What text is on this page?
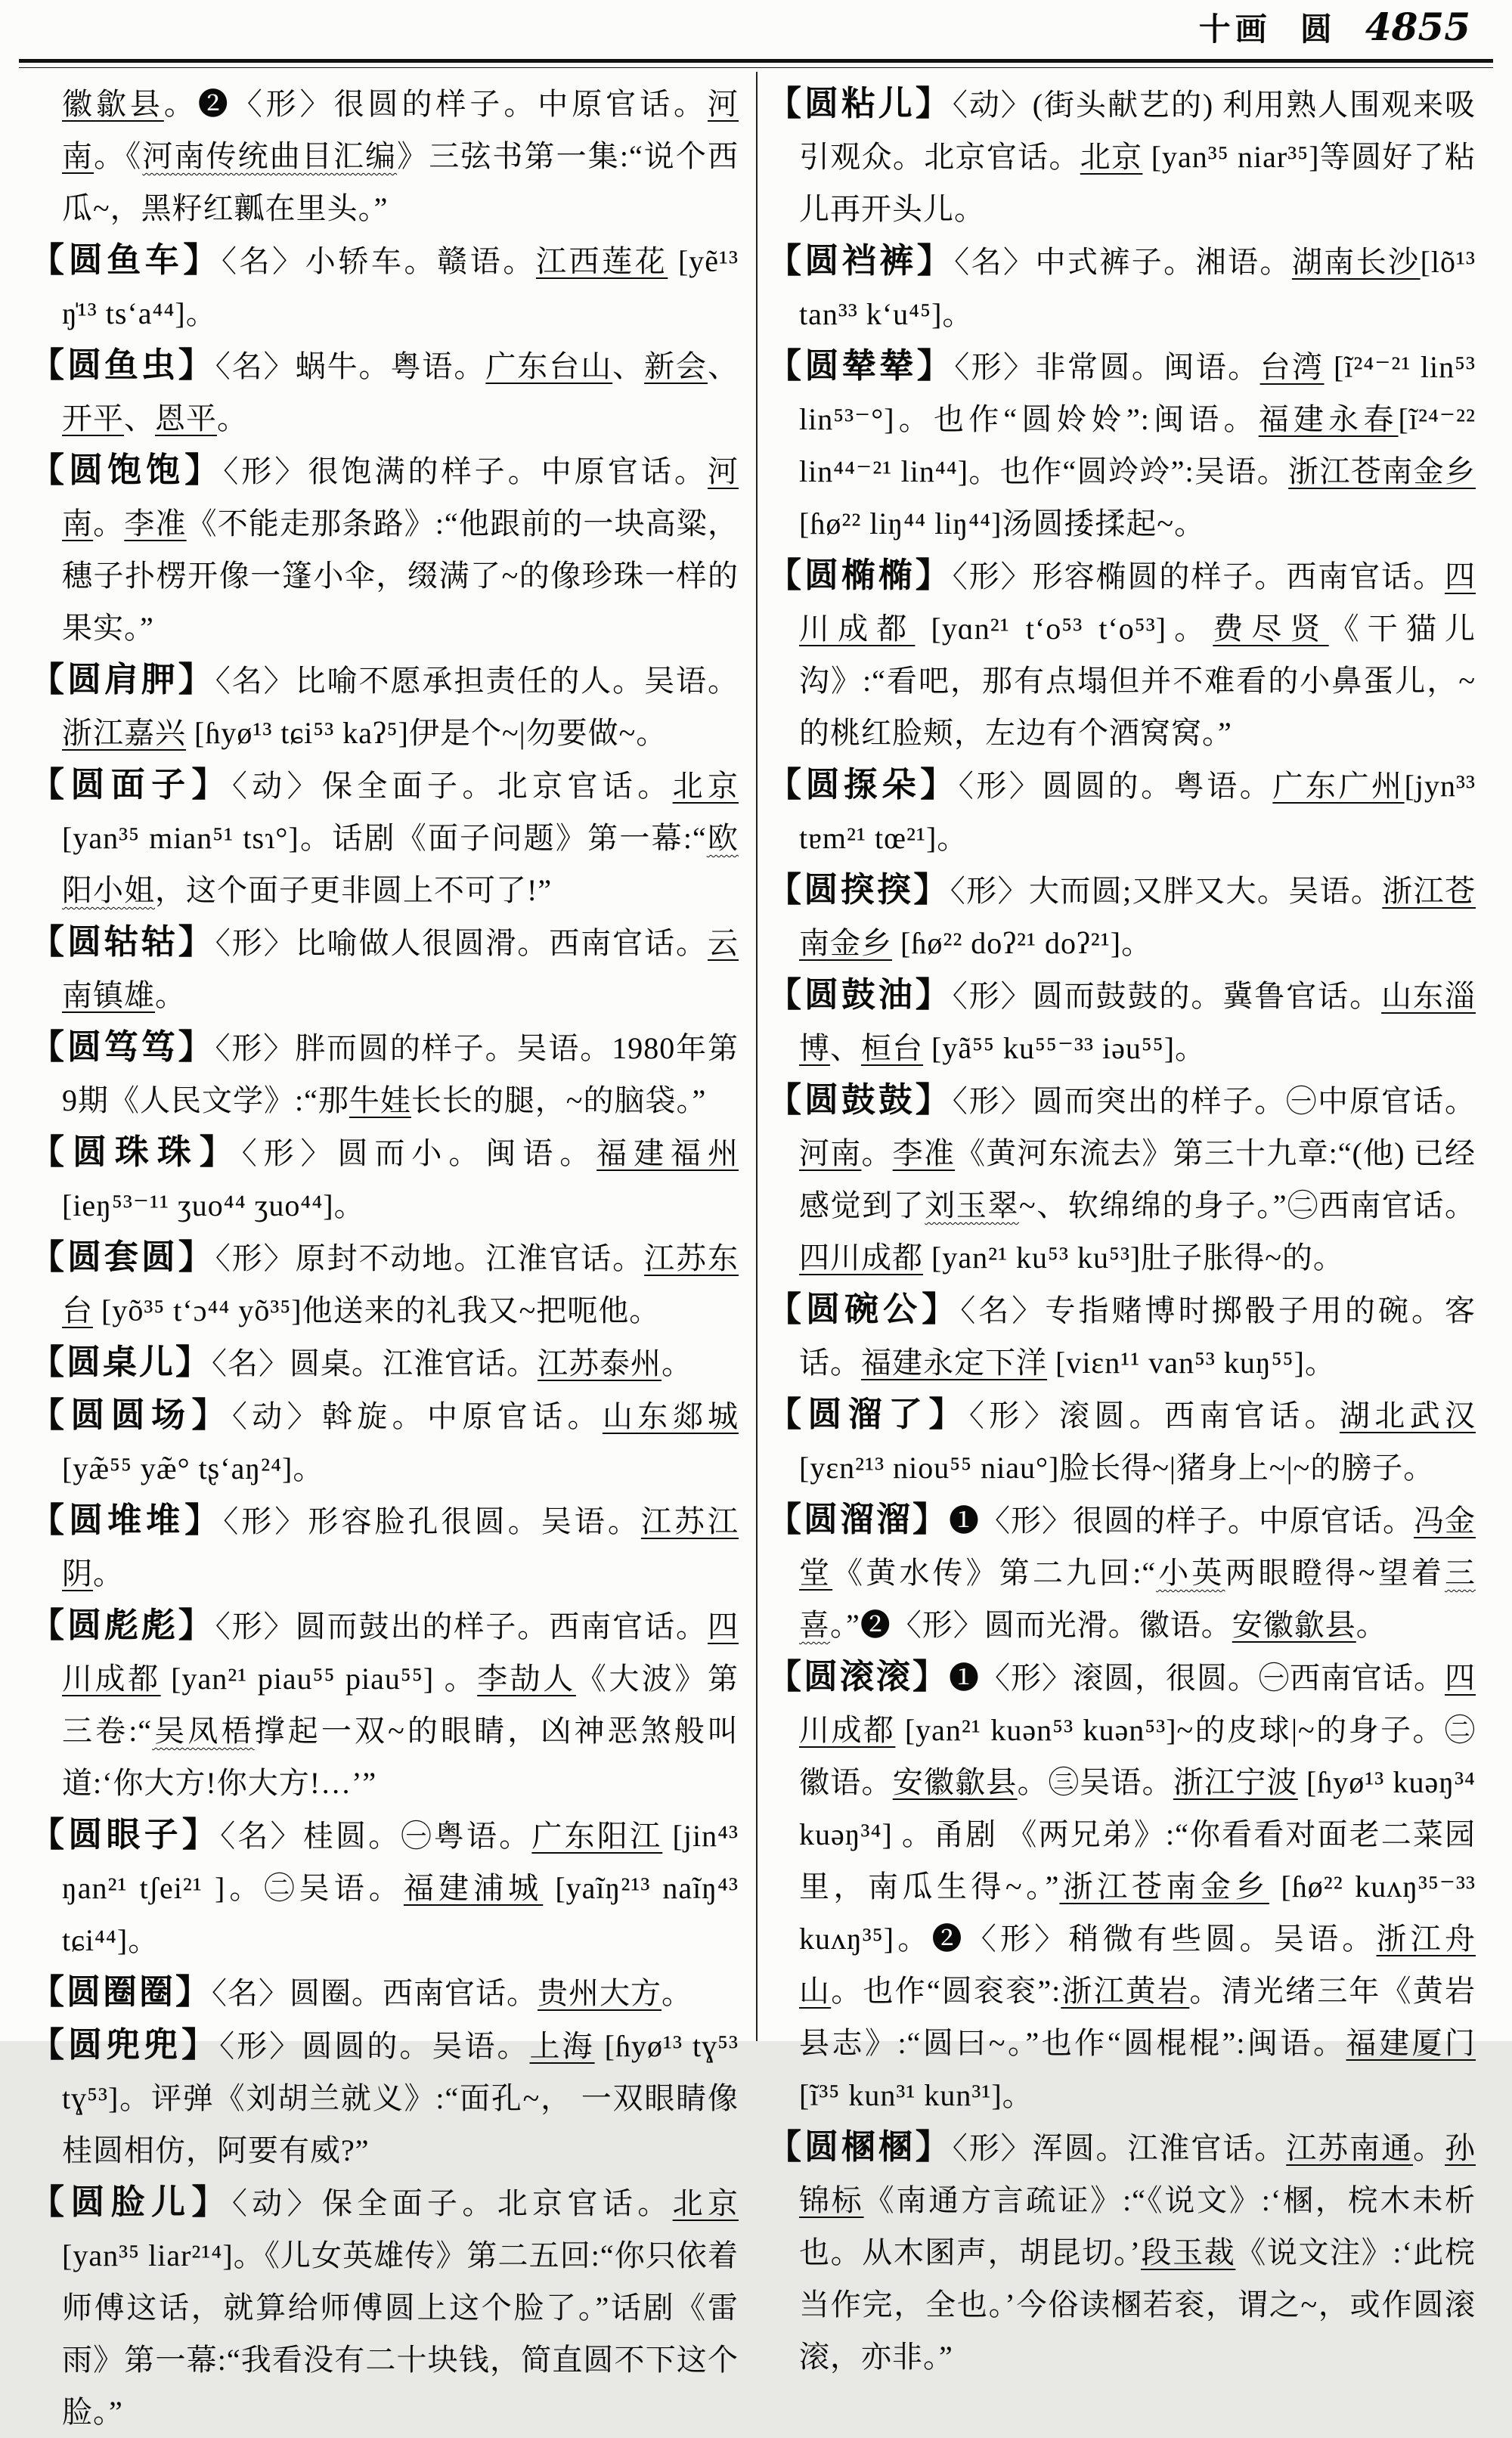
十画 圆 4855

徽歙县。❷〈形〉很圆的样子。中原官话。河南。《河南传统曲目汇编》三弦书第一集:“说个西瓜~，黑籽红瓤在里头。”

【圆鱼车】〈名〉小轿车。赣语。江西莲花 [yẽ¹³ ŋ̍¹³ ts‘a⁴⁴]。

【圆鱼虫】〈名〉蜗牛。粤语。广东台山、新会、开平、恩平。

【圆饱饱】〈形〉很饱满的样子。中原官话。河南。李准《不能走那条路》:“他跟前的一块高粱， 穗子扑楞开像一篷小伞，缀满了~的像珍珠一样的果实。”

【圆肩胛】〈名〉比喻不愿承担责任的人。吴语。浙江嘉兴 [ɦyø¹³ tɕi⁵³ kaʔ⁵]伊是个~|勿要做~。

【圆面子】〈动〉保全面子。北京官话。北京 [yan³⁵ mian⁵¹ tsɿ°]。话剧《面子问题》第一幕:“欧阳小姐，这个面子更非圆上不可了!”

【圆轱轱】〈形〉比喻做人很圆滑。西南官话。云南镇雄。

【圆笃笃】〈形〉胖而圆的样子。吴语。1980年第9期《人民文学》:“那牛娃长长的腿，~的脑袋。”

【圆珠珠】〈形〉圆而小。闽语。福建福州 [ieŋ⁵³⁻¹¹ ʒuo⁴⁴ ʒuo⁴⁴]。

【圆套圆】〈形〉原封不动地。江淮官话。江苏东台 [yõ³⁵ t‘ɔ⁴⁴ yõ³⁵]他送来的礼我又~把呃他。

【圆桌儿】〈名〉圆桌。江淮官话。江苏泰州。

【圆圆场】〈动〉斡旋。中原官话。山东郯城 [yæ̃⁵⁵ yæ̃° tʂ‘aŋ²⁴]。

【圆堆堆】〈形〉形容脸孔很圆。吴语。江苏江阴。

【圆彪彪】〈形〉圆而鼓出的样子。西南官话。四川成都 [yan²¹ piau⁵⁵ piau⁵⁵] 。李劼人《大波》第三卷:“吴凤梧撑起一双~的眼睛，凶神恶煞般叫道:‘你大方!你大方!…’”

【圆眼子】〈名〉桂圆。㊀粤语。广东阳江 [jin⁴³ ŋan²¹ tʃei²¹ ]。㊁吴语。福建浦城 [yaĩŋ²¹³ naĩŋ⁴³ tɕi⁴⁴]。

【圆圈圈】〈名〉圆圈。西南官话。贵州大方。

【圆兜兜】〈形〉圆圆的。吴语。上海 [ɦyø¹³ tɣ⁵³ tɣ⁵³]。评弹《刘胡兰就义》:“面孔~， 一双眼睛像桂圆相仿，阿要有威?”

【圆脸儿】〈动〉保全面子。北京官话。北京 [yan³⁵ liar²¹⁴]。《儿女英雄传》第二五回:“你只依着师傅这话，就算给师傅圆上这个脸了。”话剧《雷雨》第一幕:“我看没有二十块钱，简直圆不下这个脸。”

【圆粘儿】〈动〉(街头献艺的) 利用熟人围观来吸引观众。北京官话。北京 [yan³⁵ niar³⁵]等圆好了粘儿再开头儿。

【圆裆裤】〈名〉中式裤子。湘语。湖南长沙[lõ¹³ tan³³ k‘u⁴⁵]。

【圆辇辇】〈形〉非常圆。闽语。台湾 [ĩ²⁴⁻²¹ lin⁵³ lin⁵³⁻°]。也作“圆姈姈”:闽语。福建永春[ĩ²⁴⁻²² lin⁴⁴⁻²¹ lin⁴⁴]。也作“圆竛竛”:吴语。浙江苍南金乡 [ɦø²² liŋ⁴⁴ liŋ⁴⁴]汤圆捼揉起~。

【圆椭椭】〈形〉形容椭圆的样子。西南官话。四川成都 [yɑn²¹ t‘o⁵³ t‘o⁵³]。费尽贤《干猫儿沟》:“看吧，那有点塌但并不难看的小鼻蛋儿，~的桃红脸颊，左边有个酒窝窝。”

【圆揼朵】〈形〉圆圆的。粤语。广东广州[jyn³³ tɐm²¹ tœ²¹]。

【圆揬揬】〈形〉大而圆;又胖又大。吴语。浙江苍南金乡 [ɦø²² doʔ²¹ doʔ²¹]。

【圆鼓油】〈形〉圆而鼓鼓的。冀鲁官话。山东淄博、桓台 [yã⁵⁵ ku⁵⁵⁻³³ iəu⁵⁵]。

【圆鼓鼓】〈形〉圆而突出的样子。㊀中原官话。河南。李准《黄河东流去》第三十九章:“(他) 已经感觉到了刘玉翠~、软绵绵的身子。”㊁西南官话。四川成都 [yan²¹ ku⁵³ ku⁵³]肚子胀得~的。

【圆碗公】〈名〉专指赌博时掷骰子用的碗。客话。福建永定下洋 [viɛn¹¹ van⁵³ kuŋ⁵⁵]。

【圆溜了】〈形〉滚圆。西南官话。湖北武汉 [yɛn²¹³ niou⁵⁵ niau°]脸长得~|猪身上~|~的膀子。

【圆溜溜】❶〈形〉很圆的样子。中原官话。冯金堂《黄水传》第二九回:“小英两眼瞪得~望着三喜。”❷〈形〉圆而光滑。徽语。安徽歙县。

【圆滚滚】❶〈形〉滚圆，很圆。㊀西南官话。四川成都 [yan²¹ kuən⁵³ kuən⁵³]~的皮球|~的身子。㊁徽语。安徽歙县。㊂吴语。浙江宁波 [ɦyø¹³ kuəŋ³⁴ kuəŋ³⁴] 。甬剧 《两兄弟》:“你看看对面老二菜园里，南瓜生得~。”浙江苍南金乡 [ɦø²² kuʌŋ³⁵⁻³³ kuʌŋ³⁵]。❷〈形〉稍微有些圆。吴语。浙江舟山。也作“圆衮衮”:浙江黄岩。清光绪三年《黄岩县志》:“圆曰~。”也作“圆棍棍”:闽语。福建厦门 [ĩ³⁵ kun³¹ kun³¹]。

【圆㮯㮯】〈形〉浑圆。江淮官话。江苏南通。孙锦标《南通方言疏证》:“《说文》:‘㮯，梡木未析也。从木圂声，胡昆切。’段玉裁《说文注》:‘此梡当作完，全也。’今俗读㮯若衮，谓之~，或作圆滚滚，亦非。”
